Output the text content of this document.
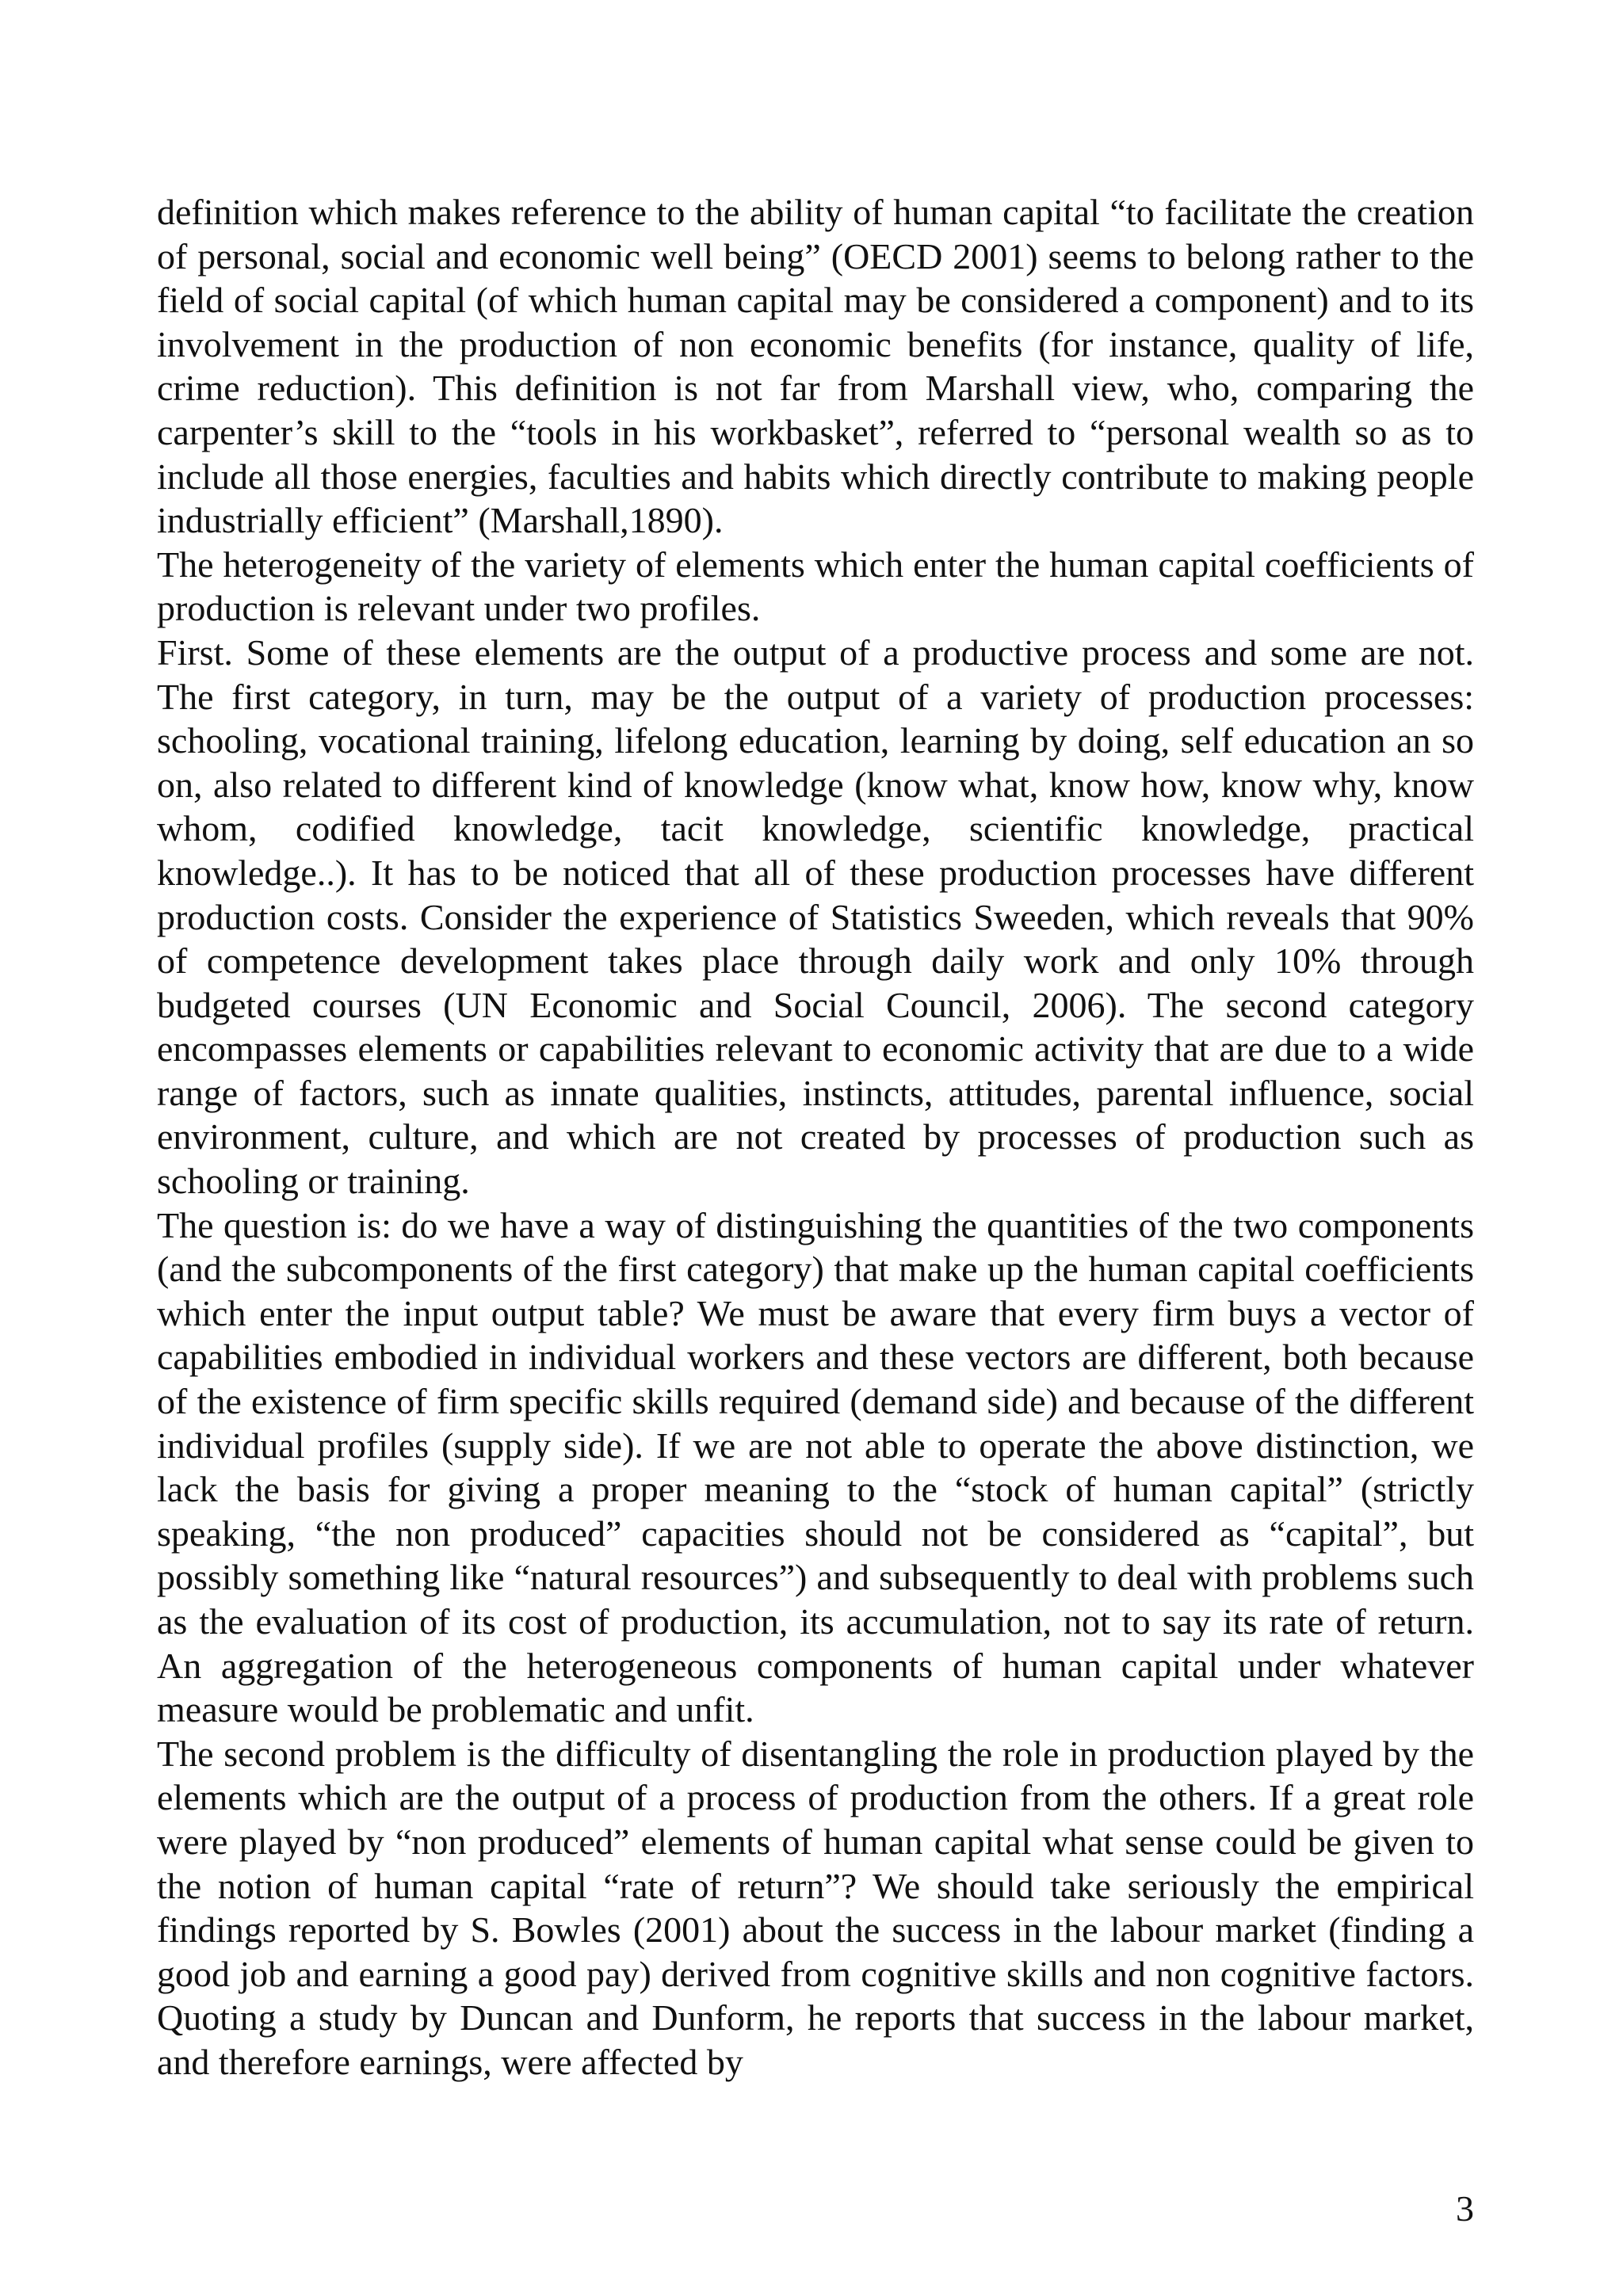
definition which makes reference to the ability of human capital “to facilitate the creation of personal, social and economic well being” (OECD 2001) seems to belong rather to the field of social capital (of which human capital may be considered a component) and to its involvement in the production of non economic benefits (for instance, quality of life, crime reduction). This definition is not far from Marshall view, who, comparing the carpenter’s skill to the “tools in his workbasket”, referred to “personal wealth so as to include all those energies, faculties and habits which directly contribute to making people industrially efficient” (Marshall,1890).

The heterogeneity of the variety of elements which enter the human capital coefficients of production is relevant under two profiles.

First. Some of these elements are the output of a productive process and some are not. The first category, in turn, may be the output of a variety of production processes: schooling, vocational training, lifelong education, learning by doing, self education an so on, also related to different kind of knowledge (know what, know how, know why, know whom, codified knowledge, tacit knowledge, scientific knowledge, practical knowledge..). It has to be noticed that all of these production processes have different production costs. Consider the experience of Statistics Sweeden, which reveals that 90% of competence development takes place through daily work and only 10% through budgeted courses (UN Economic and Social Council, 2006). The second category encompasses elements or capabilities relevant to economic activity that are due to a wide range of factors, such as innate qualities, instincts, attitudes, parental influence, social environment, culture, and which are not created by processes of production such as schooling or training.

The question is: do we have a way of distinguishing the quantities of the two components (and the subcomponents of the first category) that make up the human capital coefficients which enter the input output table? We must be aware that every firm buys a vector of capabilities embodied in individual workers and these vectors are different, both because of the existence of firm specific skills required (demand side) and because of the different individual profiles (supply side). If we are not able to operate the above distinction, we lack the basis for giving a proper meaning to the “stock of human capital” (strictly speaking, “the non produced” capacities should not be considered as “capital”, but possibly something like “natural resources”) and subsequently to deal with problems such as the evaluation of its cost of production, its accumulation, not to say its rate of return. An aggregation of the heterogeneous components of human capital under whatever measure would be problematic and unfit.

The second problem is the difficulty of disentangling the role in production played by the elements which are the output of a process of production from the others. If a great role were played by “non produced” elements of human capital what sense could be given to the notion of human capital “rate of return”? We should take seriously the empirical findings reported by S. Bowles (2001) about the success in the labour market (finding a good job and earning a good pay) derived from cognitive skills and non cognitive factors. Quoting a study by Duncan and Dunform, he reports that success in the labour market, and therefore earnings, were affected by

3
